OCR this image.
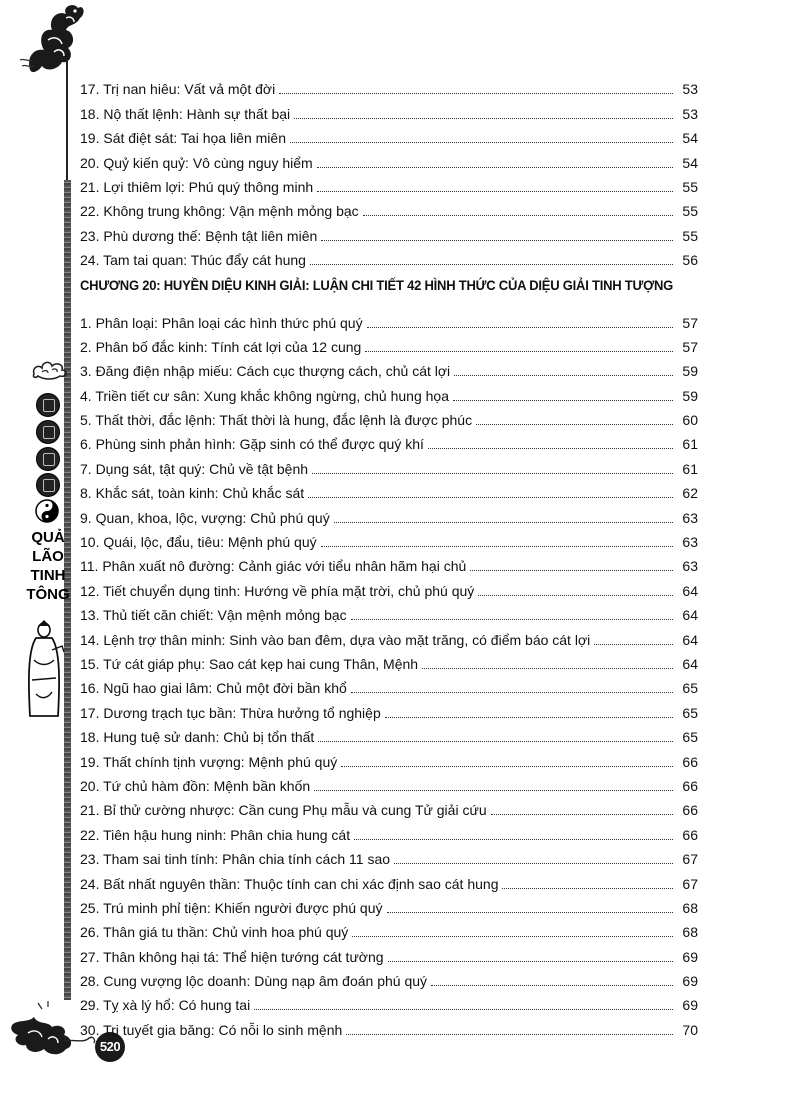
QUẢ
LÃO
TINH
TÔNG
520
17. Trị nan hiêu: Vất vả một đời	53
18. Nộ thất lệnh: Hành sự thất bại	53
19. Sát điệt sát: Tai họa liên miên	54
20. Quỷ kiến quỷ: Vô cùng nguy hiểm	54
21. Lợi thiêm lợi: Phú quý thông minh	55
22. Không trung không: Vận mệnh mỏng bạc	55
23. Phù dương thế: Bệnh tật liên miên	55
24. Tam tai quan: Thúc đẩy cát hung	56
CHƯƠNG 20: HUYỀN DIỆU KINH GIẢI: LUẬN CHI TIẾT 42 HÌNH THỨC CỦA DIỆU GIẢI TINH TƯỢNG
1. Phân loại: Phân loại các hình thức phú quý	57
2. Phân bố đắc kinh: Tính cát lợi của 12 cung	57
3. Đăng điện nhập miếu: Cách cục thượng cách, chủ cát lợi	59
4. Triền tiết cư sân: Xung khắc không ngừng, chủ hung họa	59
5. Thất thời, đắc lệnh: Thất thời là hung, đắc lệnh là được phúc	60
6. Phùng sinh phản hình: Gặp sinh có thể được quý khí	61
7. Dụng sát, tật quý: Chủ về tật bệnh	61
8. Khắc sát, toàn kinh: Chủ khắc sát	62
9. Quan, khoa, lộc, vượng: Chủ phú quý	63
10. Quái, lộc, đẩu, tiêu: Mệnh phú quý	63
11. Phân xuất nô đường: Cảnh giác với tiểu nhân hãm hại chủ	63
12. Tiết chuyển dụng tinh: Hướng về phía mặt trời, chủ phú quý	64
13. Thủ tiết căn chiết: Vận mệnh mỏng bạc	64
14. Lệnh trợ thân minh: Sinh vào ban đêm, dựa vào mặt trăng, có điểm báo cát lợi	64
15. Tứ cát giáp phụ: Sao cát kẹp hai cung Thân, Mệnh	64
16. Ngũ hao giai lâm: Chủ một đời bần khổ	65
17. Dương trạch tục bần: Thừa hưởng tổ nghiệp	65
18. Hung tuệ sử danh: Chủ bị tổn thất	65
19. Thất chính tịnh vượng: Mệnh phú quý	66
20. Tứ chủ hàm đồn: Mệnh bần khốn	66
21. Bỉ thử cường nhược: Cần cung Phụ mẫu và cung Tử giải cứu	66
22. Tiên hậu hung ninh: Phân chia hung cát	66
23. Tham sai tinh tính: Phân chia tính cách 11 sao	67
24. Bất nhất nguyên thần: Thuộc tính can chi xác định sao cát hung	67
25. Trú minh phỉ tiện: Khiến người được phú quý	68
26. Thân giá tu thần: Chủ vinh hoa phú quý	68
27. Thân không hại tá: Thể hiện tướng cát tường	69
28. Cung vượng lộc doanh: Dùng nạp âm đoán phú quý	69
29. Tỵ xà lý hổ: Có hung tai	69
30. Trị tuyết gia băng: Có nỗi lo sinh mệnh	70
